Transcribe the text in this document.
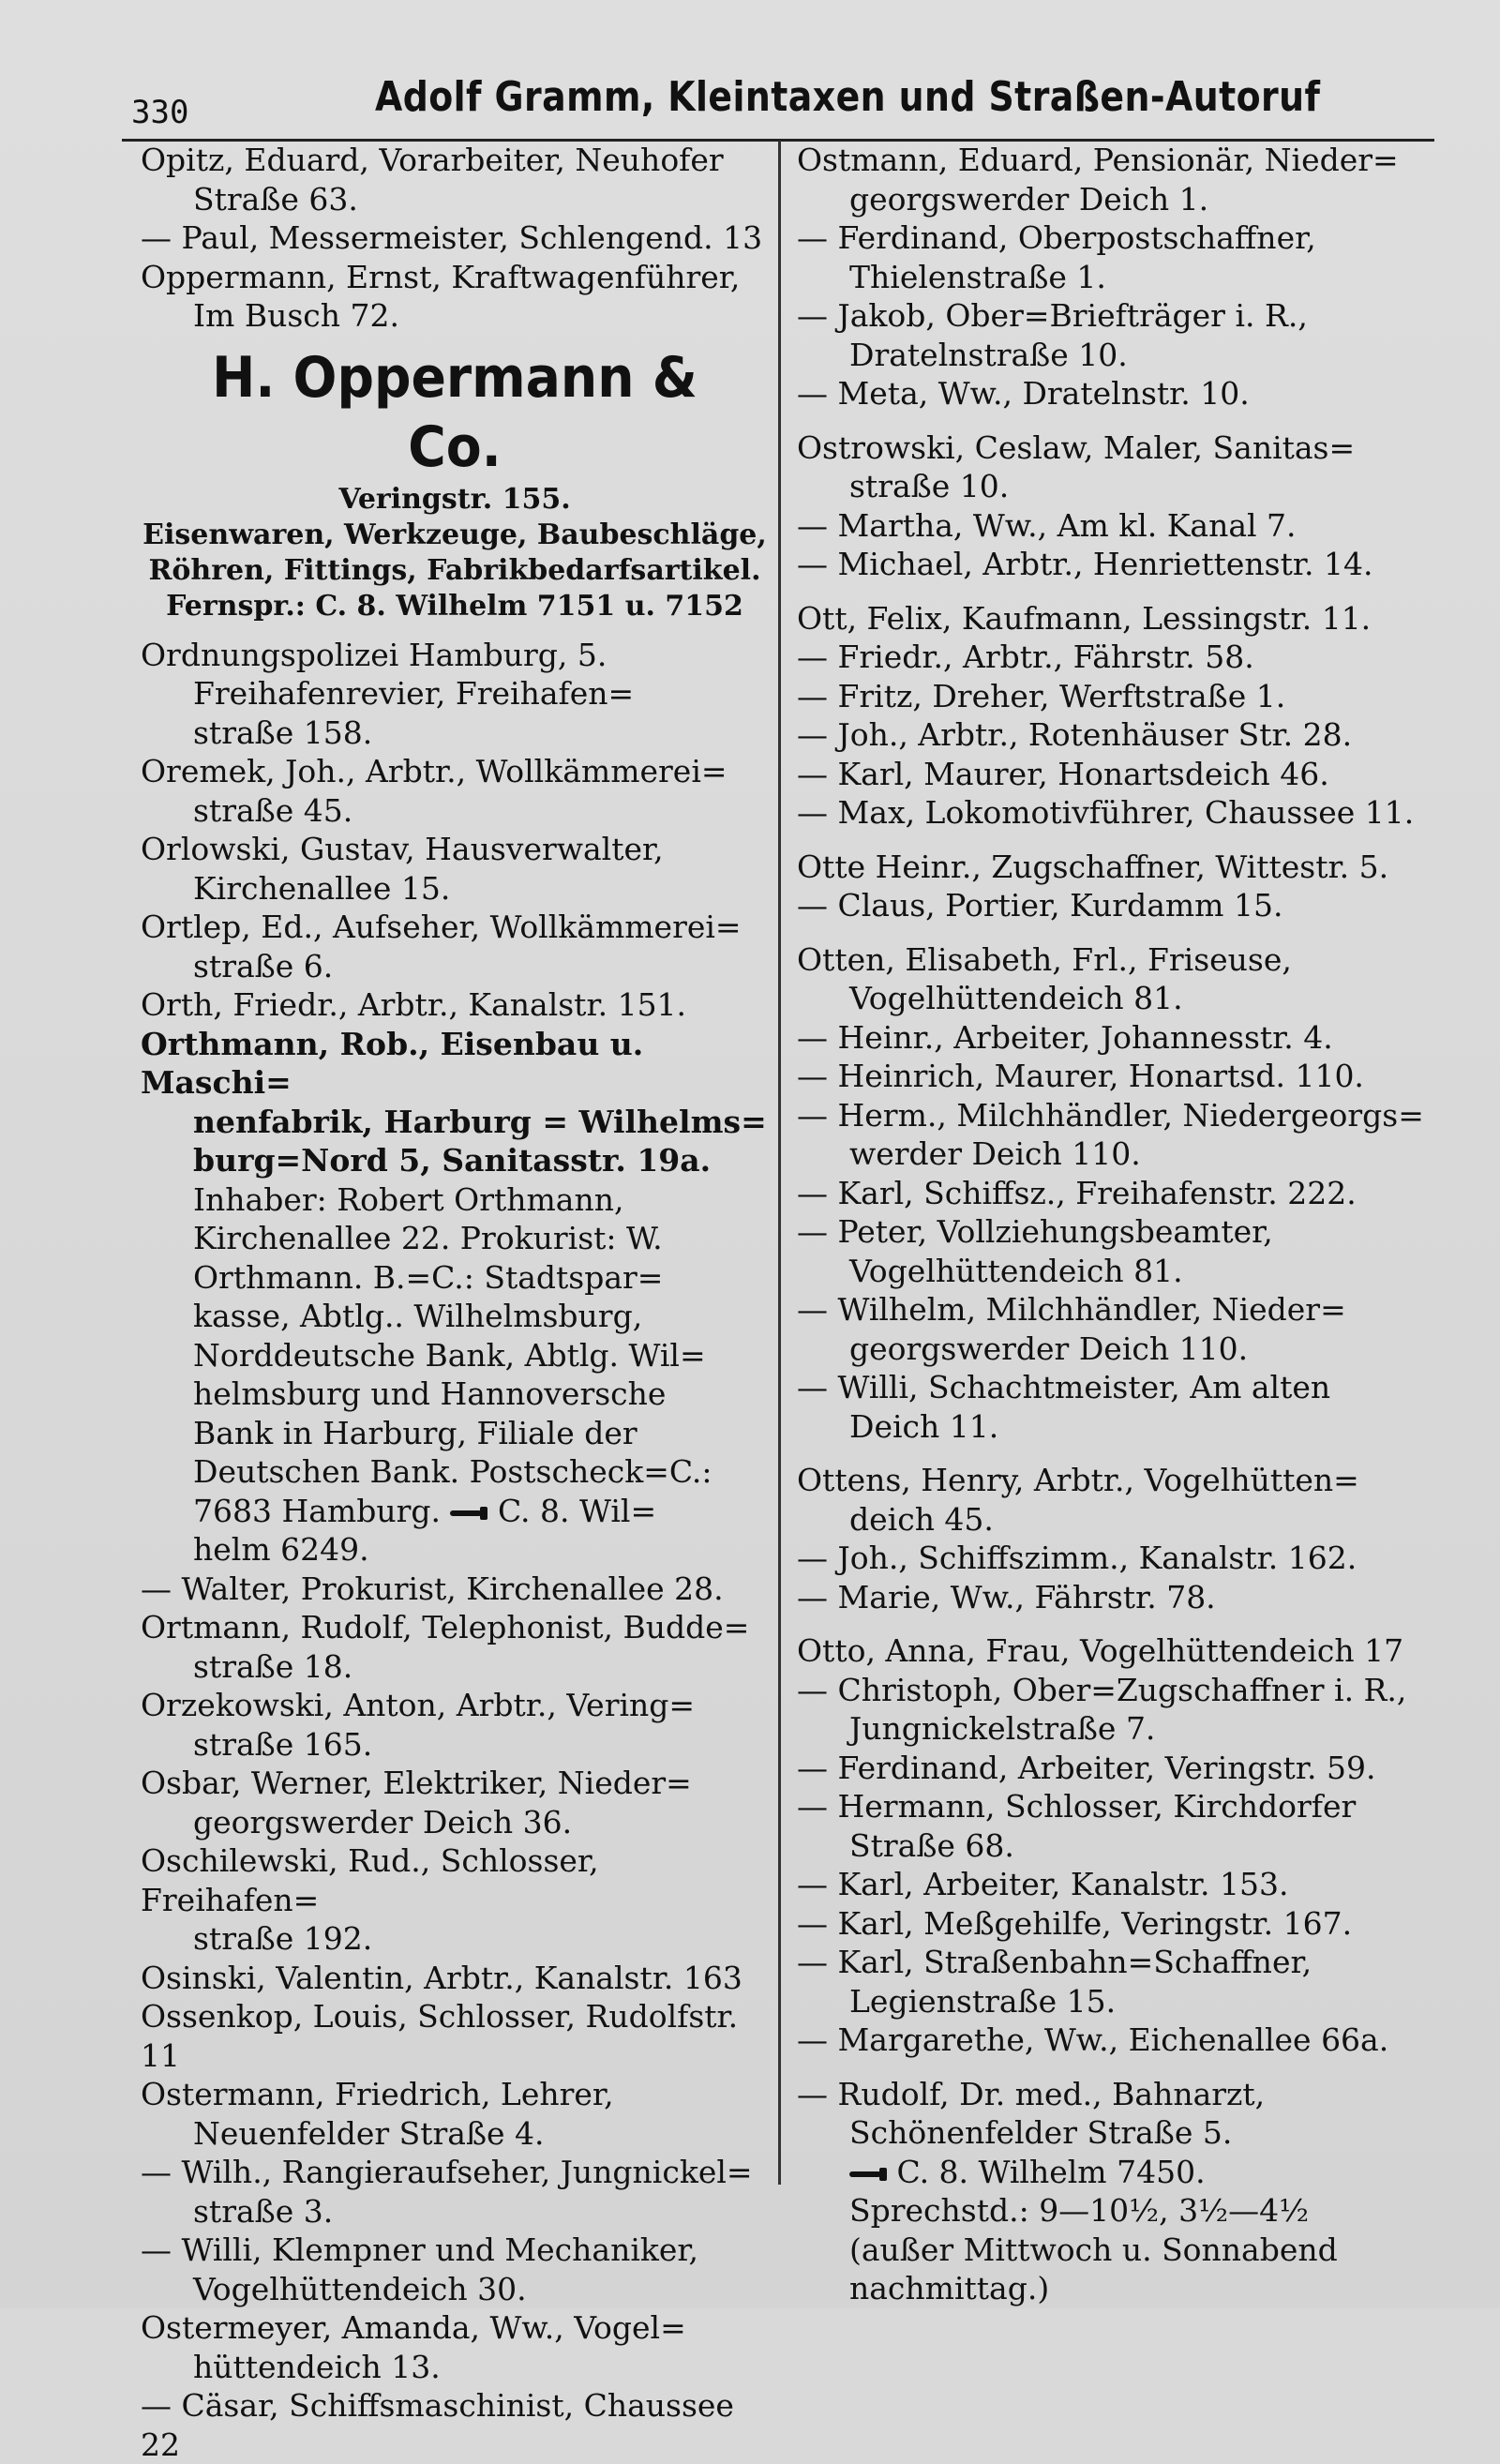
330	Adolf Gramm, Kleintaxen und Straßen-Autoruf
Opitz, Eduard, Vorarbeiter, Neuhofer

Straße 63.
— Paul, Messermeister, Schlengend. 13
Oppermann, Ernst, Kraftwagenführer,

Im Busch 72.
H. Oppermann & Co.
Veringstr. 155.
Eisenwaren, Werkzeuge, Baubeschläge,
Röhren, Fittings, Fabrikbedarfsartikel.
Fernspr.: C. 8. Wilhelm 7151 u. 7152
Ordnungspolizei Hamburg, 5.

Freihafenrevier, Freihafen=
straße 158.
Oremek, Joh., Arbtr., Wollkämmerei=

straße 45.
Orlowski, Gustav, Hausverwalter,

Kirchenallee 15.
Ortlep, Ed., Aufseher, Wollkämmerei=

straße 6.
Orth, Friedr., Arbtr., Kanalstr. 151.
Orthmann, Rob., Eisenbau u. Maschi=

nenfabrik, Harburg = Wilhelms=
burg=Nord 5, Sanitasstr. 19a.
Inhaber: Robert Orthmann,
Kirchenallee 22. Prokurist: W.
Orthmann. B.=C.: Stadtspar=
kasse, Abtlg.. Wilhelmsburg,
Norddeutsche Bank, Abtlg. Wil=
helmsburg und Hannoversche
Bank in Harburg, Filiale der
Deutschen Bank. Postscheck=C.:
7683 Hamburg.  C. 8. Wil=
helm 6249.
— Walter, Prokurist, Kirchenallee 28.
Ortmann, Rudolf, Telephonist, Budde=

straße 18.
Orzekowski, Anton, Arbtr., Vering=

straße 165.
Osbar, Werner, Elektriker, Nieder=

georgswerder Deich 36.
Oschilewski, Rud., Schlosser, Freihafen=

straße 192.
Osinski, Valentin, Arbtr., Kanalstr. 163
Ossenkop, Louis, Schlosser, Rudolfstr. 11
Ostermann, Friedrich, Lehrer,

Neuenfelder Straße 4.
— Wilh., Rangieraufseher, Jungnickel=

straße 3.
— Willi, Klempner und Mechaniker,

Vogelhüttendeich 30.
Ostermeyer, Amanda, Ww., Vogel=

hüttendeich 13.
— Cäsar, Schiffsmaschinist, Chaussee 22
Ostmann, Eduard, Pensionär, Nieder=

georgswerder Deich 1.
— Ferdinand, Oberpostschaffner,

Thielenstraße 1.
— Jakob, Ober=Briefträger i. R.,

Dratelnstraße 10.
— Meta, Ww., Dratelnstr. 10.
Ostrowski, Ceslaw, Maler, Sanitas=

straße 10.
— Martha, Ww., Am kl. Kanal 7.
— Michael, Arbtr., Henriettenstr. 14.
Ott, Felix, Kaufmann, Lessingstr. 11.
— Friedr., Arbtr., Fährstr. 58.
— Fritz, Dreher, Werftstraße 1.
— Joh., Arbtr., Rotenhäuser Str. 28.
— Karl, Maurer, Honartsdeich 46.
— Max, Lokomotivführer, Chaussee 11.
Otte Heinr., Zugschaffner, Wittestr. 5.
— Claus, Portier, Kurdamm 15.
Otten, Elisabeth, Frl., Friseuse,

Vogelhüttendeich 81.
— Heinr., Arbeiter, Johannesstr. 4.
— Heinrich, Maurer, Honartsd. 110.
— Herm., Milchhändler, Niedergeorgs=

werder Deich 110.
— Karl, Schiffsz., Freihafenstr. 222.
— Peter, Vollziehungsbeamter,

Vogelhüttendeich 81.
— Wilhelm, Milchhändler, Nieder=

georgswerder Deich 110.
— Willi, Schachtmeister, Am alten

Deich 11.
Ottens, Henry, Arbtr., Vogelhütten=

deich 45.
— Joh., Schiffszimm., Kanalstr. 162.
— Marie, Ww., Fährstr. 78.
Otto, Anna, Frau, Vogelhüttendeich 17
— Christoph, Ober=Zugschaffner i. R.,

Jungnickelstraße 7.
— Ferdinand, Arbeiter, Veringstr. 59.
— Hermann, Schlosser, Kirchdorfer

Straße 68.
— Karl, Arbeiter, Kanalstr. 153.
— Karl, Meßgehilfe, Veringstr. 167.
— Karl, Straßenbahn=Schaffner,

Legienstraße 15.
— Margarethe, Ww., Eichenallee 66a.
— Rudolf, Dr. med., Bahnarzt,

Schönenfelder Straße 5.
C. 8. Wilhelm 7450.
Sprechstd.: 9—10½, 3½—4½
(außer Mittwoch u. Sonnabend
nachmittag.)
